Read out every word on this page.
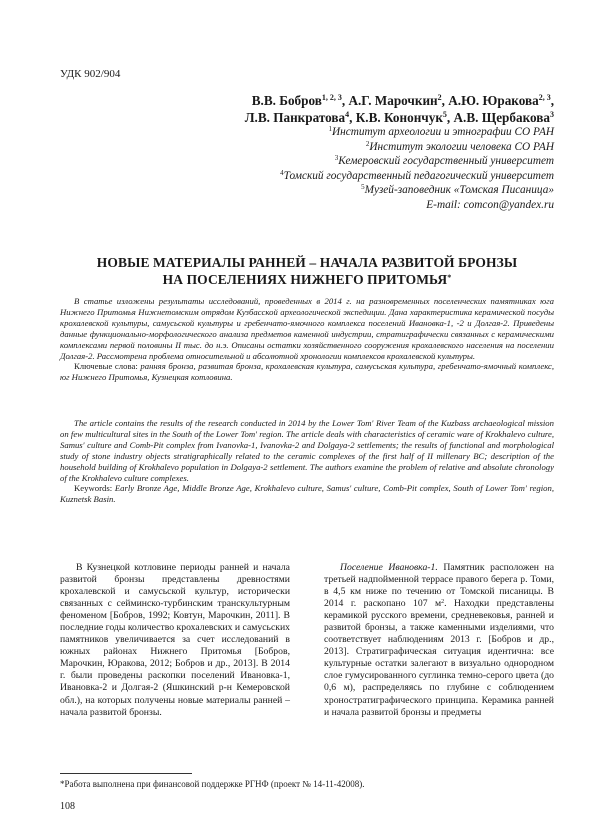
УДК 902/904
В.В. Бобров$^{1, 2, 3}$, А.Г. Марочкин$^2$, А.Ю. Юракова$^{2, 3}$,
Л.В. Панкратова$^4$, К.В. Конончук$^5$, А.В. Щербакова$^3$
$^1$Институт археологии и этнографии СО РАН
$^2$Институт экологии человека СО РАН
$^3$Кемеровский государственный университет
$^4$Томский государственный педагогический университет
$^5$Музей-заповедник «Томская Писаница»
E-mail: comcon@yandex.ru
НОВЫЕ МАТЕРИАЛЫ РАННЕЙ – НАЧАЛА РАЗВИТОЙ БРОНЗЫ
НА ПОСЕЛЕНИЯХ НИЖНЕГО ПРИТОМЬЯ*

В статье изложены результаты исследований, проведенных в 2014 г. на разновременных поселенческих памятниках юга Нижнего Притомья Нижнетомским отрядом Кузбасской археологической экспедиции. Дана характеристика керамической посуды крохалевской культуры, самусьской культуры и гребенчато-ямочного комплекса поселений Ивановка-1, -2 и Долгая-2. Приведены данные функционально-морфологического анализа предметов каменной индустрии, стратиграфически связанных с керамическими комплексами первой половины II тыс. до н.э. Описаны остатки хозяйственного сооружения крохалевского населения на поселении Долгая-2. Рассмотрена проблема относительной и абсолютной хронологии комплексов крохалевской культуры.

Ключевые слова: ранняя бронза, развитая бронза, крохалевская культура, самусьская культура, гребенчато-ямочный комплекс, юг Нижнего Притомья, Кузнецкая котловина.

The article contains the results of the research conducted in 2014 by the Lower Tom' River Team of the Kuzbass archaeological mission on few multicultural sites in the South of the Lower Tom' region. The article deals with characteristics of ceramic ware of Krokhalevo culture, Samus' culture and Comb-Pit complex from Ivanovka-1, Ivanovka-2 and Dolgaya-2 settlements; the results of functional and morphological study of stone industry objects stratigraphically related to the ceramic complexes of the first half of II millenary BC; description of the household building of Krokhalevo population in Dolgaya-2 settlement. The authors examine the problem of relative and absolute chronology of the Krokhalevo culture complexes.

Keywords: Early Bronze Age, Middle Bronze Age, Krokhalevo culture, Samus' culture, Comb-Pit complex, South of Lower Tom' region, Kuznetsk Basin.

В Кузнецкой котловине периоды ранней и начала развитой бронзы представлены древностями крохалевской и самусьской культур, исторически связанных с сейминско-турбинским транскультурным феноменом [Бобров, 1992; Ковтун, Марочкин, 2011]. В последние годы количество крохалевских и самусьских памятников увеличивается за счет исследований в южных районах Нижнего Притомья [Бобров, Марочкин, Юракова, 2012; Бобров и др., 2013]. В 2014 г. были проведены раскопки поселений Ивановка-1, Ивановка-2 и Долгая-2 (Яшкинский р-н Кемеровской обл.), на которых получены новые материалы ранней – начала развитой бронзы.

Поселение Ивановка-1. Памятник расположен на третьей надпойменной террасе правого берега р. Томи, в 4,5 км ниже по течению от Томской писаницы. В 2014 г. раскопано 107 $м^2$. Находки представлены керамикой русского времени, средневековья, ранней и развитой бронзы, а также каменными изделиями, что соответствует наблюдениям 2013 г. [Бобров и др., 2013]. Стратиграфическая ситуация идентична: все культурные остатки залегают в визуально однородном слое гумусированного суглинка темно-серого цвета (до 0,6 м), распределяясь по глубине с соблюдением хроностратиграфического принципа. Керамика ранней и начала развитой бронзы и предметы

*Работа выполнена при финансовой поддержке РГНФ (проект № 14-11-42008).
108
